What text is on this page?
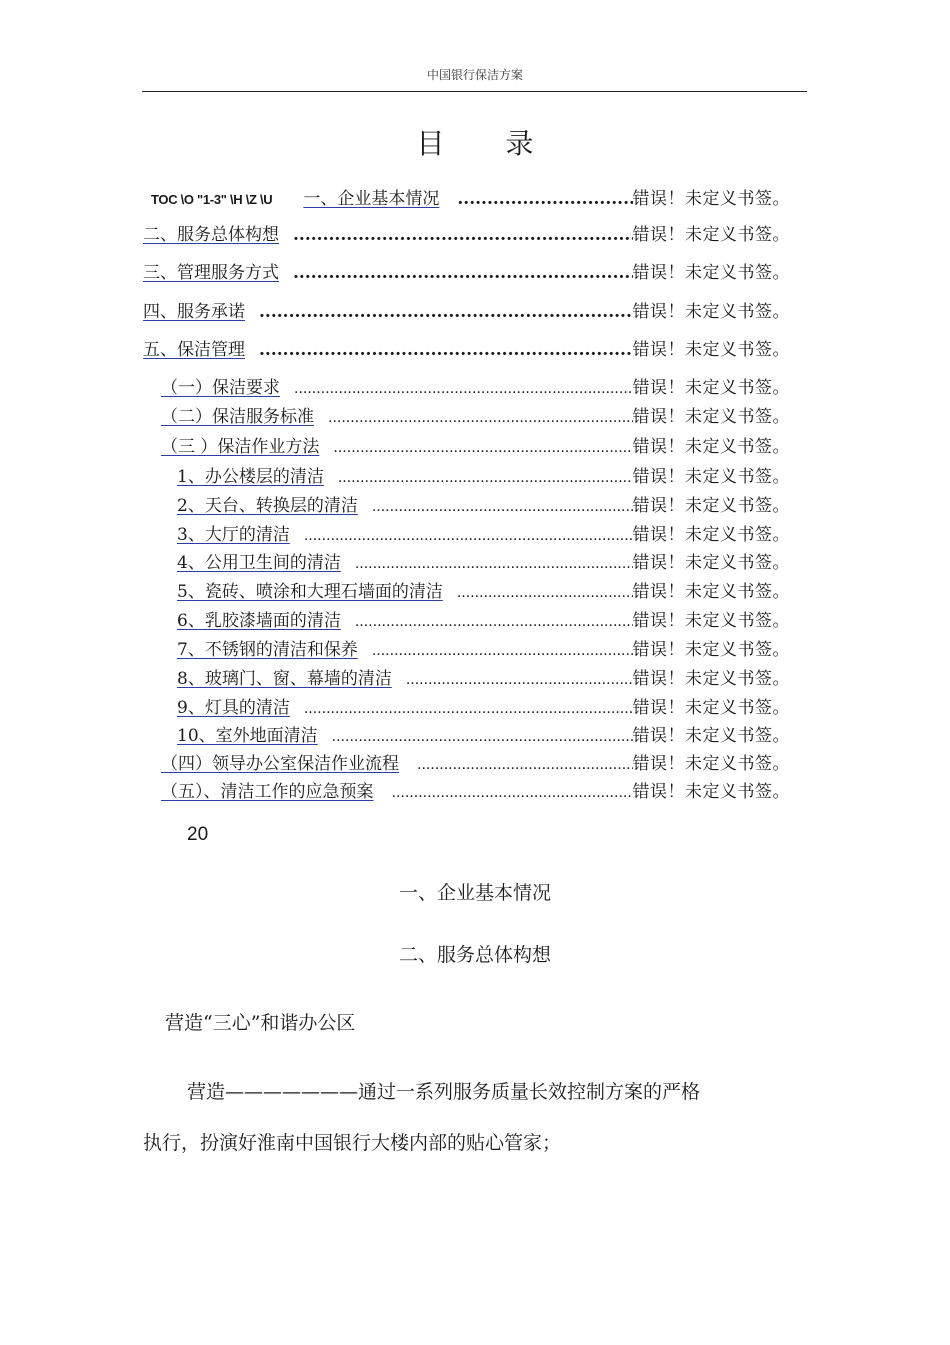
中国银行保洁方案
目 录
TOC \O "1-3" \H \Z \U 一、企业基本情况 .....	错误！未定义书签。
二、服务总体构想 .....	错误！未定义书签。
三、管理服务方式 .....	错误！未定义书签。
四、服务承诺 .....	错误！未定义书签。
五、保洁管理 .....	错误！未定义书签。
（一）保洁要求 .....	错误！未定义书签。
（二）保洁服务标准 .....	错误！未定义书签。
（三 ）保洁作业方法 .....	错误！未定义书签。
1、办公楼层的清洁 .....	错误！未定义书签。
2、天台、转换层的清洁 .....	错误！未定义书签。
3、大厅的清洁 .....	错误！未定义书签。
4、公用卫生间的清洁 .....	错误！未定义书签。
5、瓷砖、喷涂和大理石墙面的清洁 .....	错误！未定义书签。
6、乳胶漆墙面的清洁 .....	错误！未定义书签。
7、不锈钢的清洁和保养 .....	错误！未定义书签。
8、玻璃门、窗、幕墙的清洁 .....	错误！未定义书签。
9、灯具的清洁 .....	错误！未定义书签。
10、室外地面清洁 .....	错误！未定义书签。
（四）领导办公室保洁作业流程 .....	错误！未定义书签。
（五）、清洁工作的应急预案 .....	错误！未定义书签。
20
一、企业基本情况
二、服务总体构想
营造“三心”和谐办公区
营造———————通过一系列服务质量长效控制方案的严格
执行，扮演好淮南中国银行大楼内部的贴心管家；
